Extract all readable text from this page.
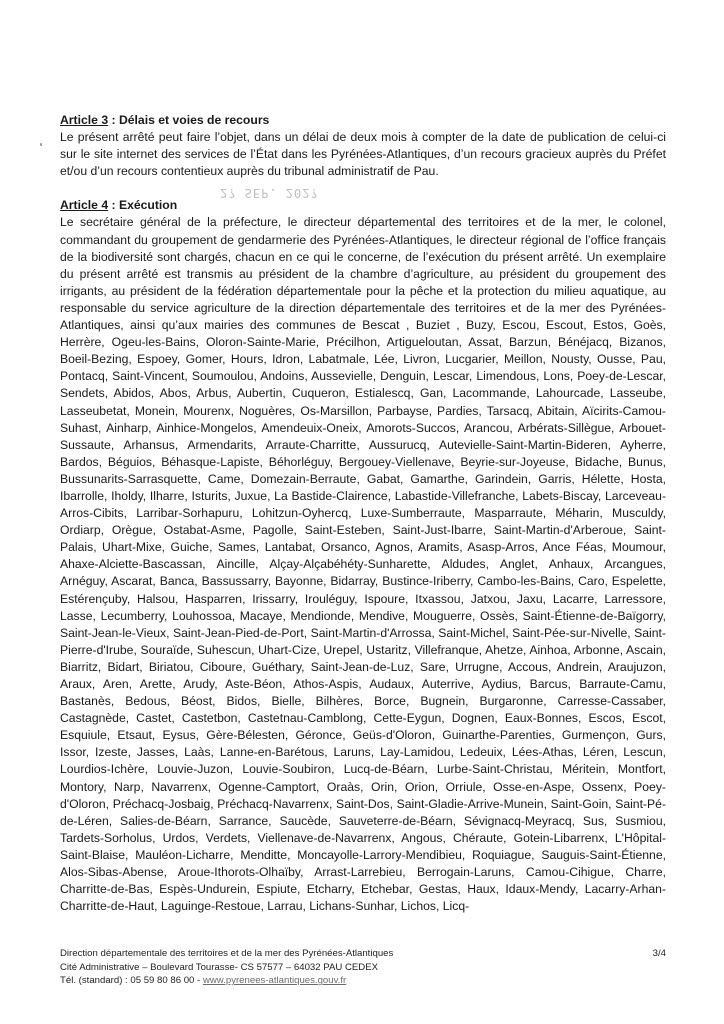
Article 3 : Délais et voies de recours

Le présent arrêté peut faire l’objet, dans un délai de deux mois à compter de la date de publication de celui-ci sur le site internet des services de l’État dans les Pyrénées-Atlantiques, d’un recours gracieux auprès du Préfet et/ou d’un recours contentieux auprès du tribunal administratif de Pau.

2? SEP. 202?

Article 4 : Exécution

Le secrétaire général de la préfecture, le directeur départemental des territoires et de la mer, le colonel, commandant du groupement de gendarmerie des Pyrénées-Atlantiques, le directeur régional de l’office français de la biodiversité sont chargés, chacun en ce qui le concerne, de l’exécution du présent arrêté. Un exemplaire du présent arrêté est transmis au président de la chambre d’agriculture, au président du groupement des irrigants, au président de la fédération départementale pour la pêche et la protection du milieu aquatique, au responsable du service agriculture de la direction départementale des territoires et de la mer des Pyrénées-Atlantiques, ainsi qu’aux mairies des communes de Bescat , Buziet , Buzy, Escou, Escout, Estos, Goès, Herrère, Ogeu-les-Bains, Oloron-Sainte-Marie, Précilhon, Artigueloutan, Assat, Barzun, Bénéjacq, Bizanos, Boeil-Bezing, Espoey, Gomer, Hours, Idron, Labatmale, Lée, Livron, Lucgarier, Meillon, Nousty, Ousse, Pau, Pontacq, Saint-Vincent, Soumoulou, Andoins, Aussevielle, Denguin, Lescar, Limendous, Lons, Poey-de-Lescar, Sendets, Abidos, Abos, Arbus, Aubertin, Cuqueron, Estialescq, Gan, Lacommande, Lahourcade, Lasseube, Lasseubetat, Monein, Mourenx, Noguères, Os-Marsillon, Parbayse, Pardies, Tarsacq, Abitain, Aïcirits-Camou-Suhast, Ainharp, Ainhice-Mongelos, Amendeuix-Oneix, Amorots-Succos, Arancou, Arbérats-Sillègue, Arbouet-Sussaute, Arhansus, Armendarits, Arraute-Charritte, Aussurucq, Autevielle-Saint-Martin-Bideren, Ayherre, Bardos, Béguios, Béhasque-Lapiste, Béhorléguy, Bergouey-Viellenave, Beyrie-sur-Joyeuse, Bidache, Bunus, Bussunarits-Sarrasquette, Came, Domezain-Berraute, Gabat, Gamarthe, Garindein, Garris, Hélette, Hosta, Ibarrolle, Iholdy, Ilharre, Isturits, Juxue, La Bastide-Clairence, Labastide-Villefranche, Labets-Biscay, Larceveau-Arros-Cibits, Larribar-Sorhapuru, Lohitzun-Oyhercq, Luxe-Sumberraute, Masparraute, Méharin, Musculdy, Ordiarp, Orègue, Ostabat-Asme, Pagolle, Saint-Esteben, Saint-Just-Ibarre, Saint-Martin-d'Arberoue, Saint-Palais, Uhart-Mixe, Guiche, Sames, Lantabat, Orsanco, Agnos, Aramits, Asasp-Arros, Ance Féas, Moumour, Ahaxe-Alciette-Bascassan, Aincille, Alçay-Alçabéhéty-Sunharette, Aldudes, Anglet, Anhaux, Arcangues, Arnéguy, Ascarat, Banca, Bassussarry, Bayonne, Bidarray, Bustince-Iriberry, Cambo-les-Bains, Caro, Espelette, Estérençuby, Halsou, Hasparren, Irissarry, Irouléguy, Ispoure, Itxassou, Jatxou, Jaxu, Lacarre, Larressore, Lasse, Lecumberry, Louhossoa, Macaye, Mendionde, Mendive, Mouguerre, Ossès, Saint-Étienne-de-Baïgorry, Saint-Jean-le-Vieux, Saint-Jean-Pied-de-Port, Saint-Martin-d'Arrossa, Saint-Michel, Saint-Pée-sur-Nivelle, Saint-Pierre-d'Irube, Souraïde, Suhescun, Uhart-Cize, Urepel, Ustaritz, Villefranque, Ahetze, Ainhoa, Arbonne, Ascain, Biarritz, Bidart, Biriatou, Ciboure, Guéthary, Saint-Jean-de-Luz, Sare, Urrugne, Accous, Andrein, Araujuzon, Araux, Aren, Arette, Arudy, Aste-Béon, Athos-Aspis, Audaux, Auterrive, Aydius, Barcus, Barraute-Camu, Bastanès, Bedous, Béost, Bidos, Bielle, Bilhères, Borce, Bugnein, Burgaronne, Carresse-Cassaber, Castagnède, Castet, Castetbon, Castetnau-Camblong, Cette-Eygun, Dognen, Eaux-Bonnes, Escos, Escot, Esquiule, Etsaut, Eysus, Gère-Bélesten, Géronce, Geüs-d'Oloron, Guinarthe-Parenties, Gurmençon, Gurs, Issor, Izeste, Jasses, Laàs, Lanne-en-Barétous, Laruns, Lay-Lamidou, Ledeuix, Lées-Athas, Léren, Lescun, Lourdios-Ichère, Louvie-Juzon, Louvie-Soubiron, Lucq-de-Béarn, Lurbe-Saint-Christau, Méritein, Montfort, Montory, Narp, Navarrenx, Ogenne-Camptort, Oraàs, Orin, Orion, Orriule, Osse-en-Aspe, Ossenx, Poey-d'Oloron, Préchacq-Josbaig, Préchacq-Navarrenx, Saint-Dos, Saint-Gladie-Arrive-Munein, Saint-Goin, Saint-Pé-de-Léren, Salies-de-Béarn, Sarrance, Saucède, Sauveterre-de-Béarn, Sévignacq-Meyracq, Sus, Susmiou, Tardets-Sorholus, Urdos, Verdets, Viellenave-de-Navarrenx, Angous, Chéraute, Gotein-Libarrenx, L'Hôpital-Saint-Blaise, Mauléon-Licharre, Menditte, Moncayolle-Larrory-Mendibieu, Roquiague, Sauguis-Saint-Étienne, Alos-Sibas-Abense, Aroue-Ithorots-Olhaïby, Arrast-Larrebieu, Berrogain-Laruns, Camou-Cihigue, Charre, Charritte-de-Bas, Espès-Undurein, Espiute, Etcharry, Etchebar, Gestas, Haux, Idaux-Mendy, Lacarry-Arhan-Charritte-de-Haut, Laguinge-Restoue, Larrau, Lichans-Sunhar, Lichos, Licq-

Direction départementale des territoires et de la mer des Pyrénées-Atlantiques	3/4
Cité Administrative – Boulevard Tourasse- CS 57577 – 64032 PAU CEDEX
Tél. (standard) : 05 59 80 86 00 - www.pyrenees-atlantiques.gouv.fr
